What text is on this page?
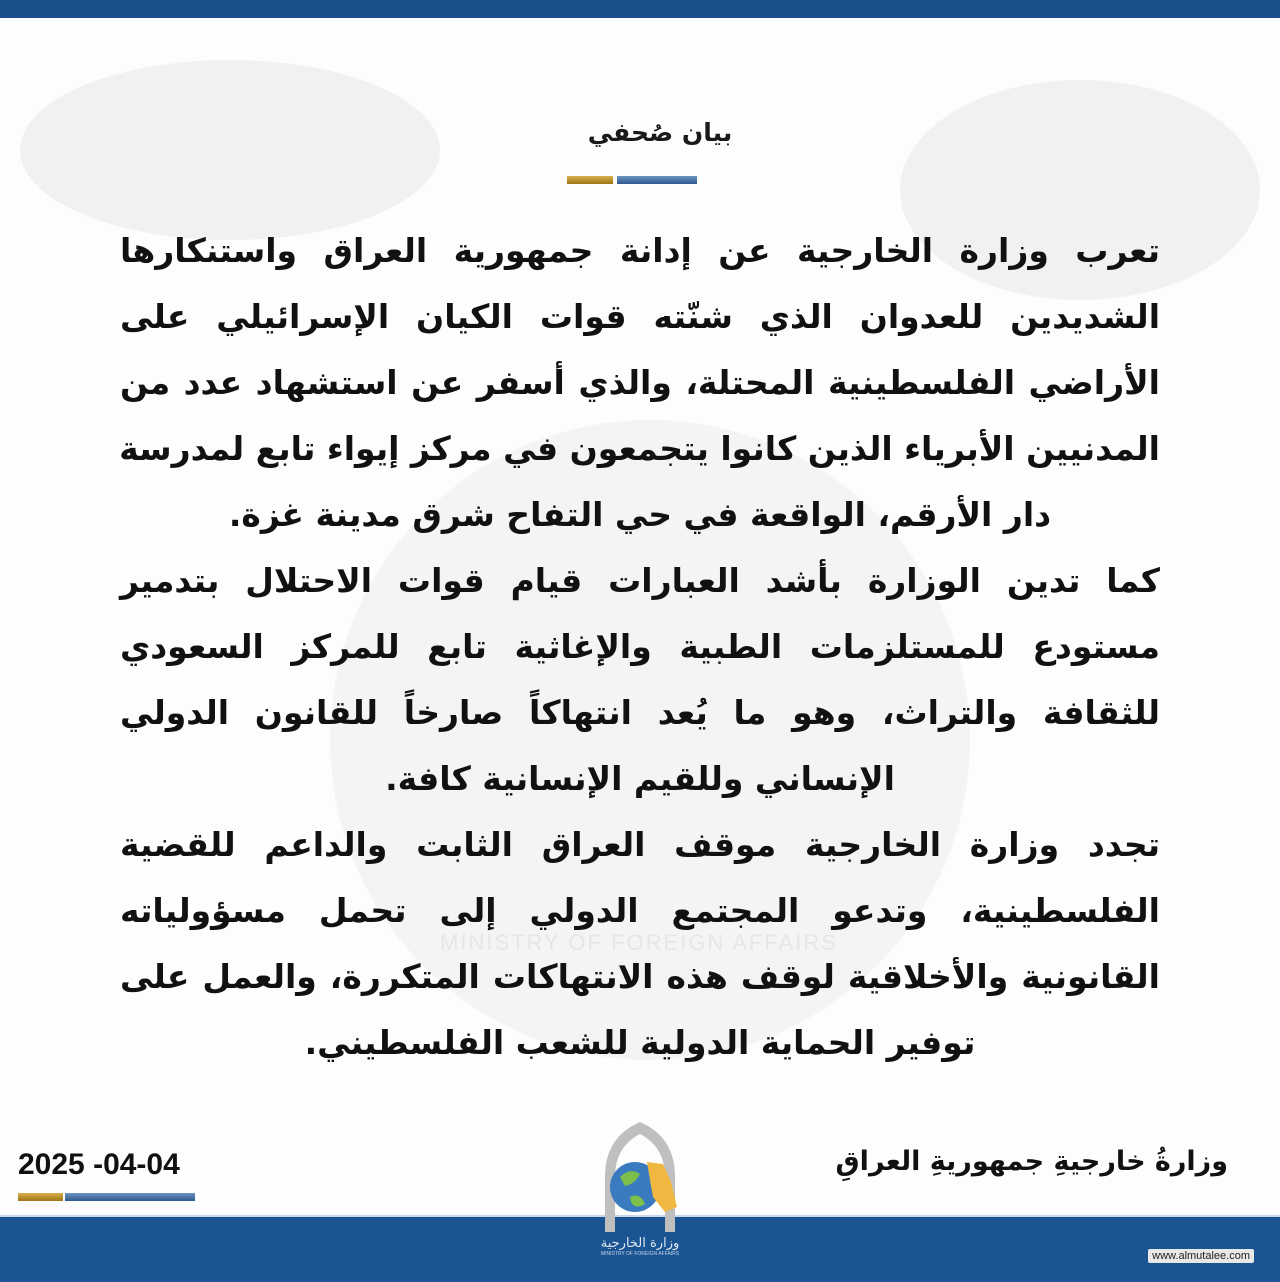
MINISTRY OF FOREIGN AFFAIRS
بيان صُحفي
تعرب وزارة الخارجية عن إدانة جمهورية العراق واستنكارها
الشديدين للعدوان الذي شنّته قوات الكيان الإسرائيلي على
الأراضي الفلسطينية المحتلة، والذي أسفر عن استشهاد عدد من
المدنيين الأبرياء الذين كانوا يتجمعون في مركز إيواء تابع لمدرسة
دار الأرقم، الواقعة في حي التفاح شرق مدينة غزة.
كما تدين الوزارة بأشد العبارات قيام قوات الاحتلال بتدمير
مستودع للمستلزمات الطبية والإغاثية تابع للمركز السعودي
للثقافة والتراث، وهو ما يُعد انتهاكاً صارخاً للقانون الدولي
الإنساني وللقيم الإنسانية كافة.
تجدد وزارة الخارجية موقف العراق الثابت والداعم للقضية
الفلسطينية، وتدعو المجتمع الدولي إلى تحمل مسؤولياته
القانونية والأخلاقية لوقف هذه الانتهاكات المتكررة، والعمل على
توفير الحماية الدولية للشعب الفلسطيني.
2025 -04-04	وزارةُ خارجيةِ جمهوريةِ العراقِ
وزارة الخارجية
MINISTRY OF FOREIGN AFFAIRS	www.almutalee.com
